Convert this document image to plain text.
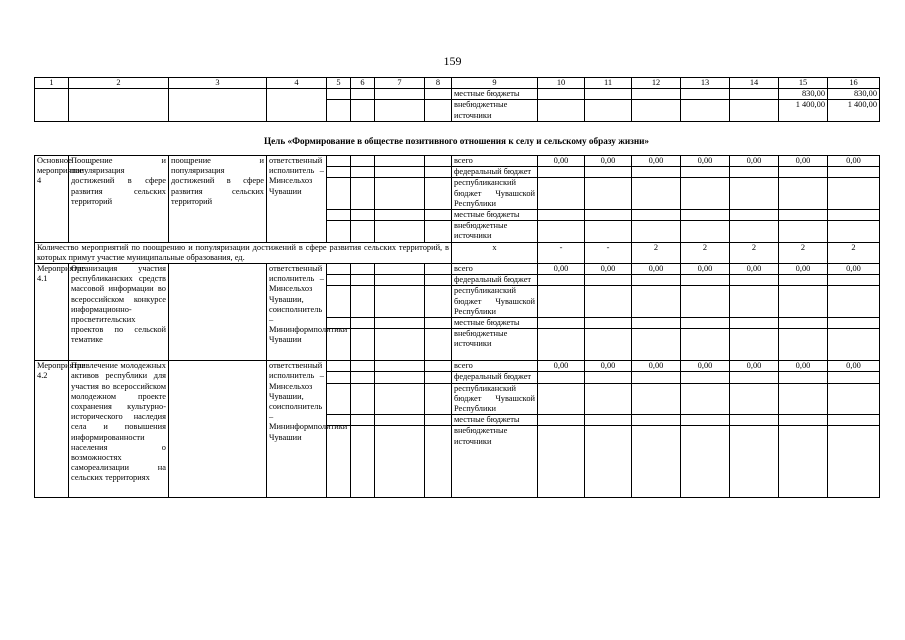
159
1	2	3	4	5	6	7	8	9	10	11	12	13	14	15	16
								местные бюджеты						830,00	830,00
								внебюджетные источники						1 400,00	1 400,00
Цель «Формирование в обществе позитивного отношения к селу и сельскому образу жизни»
Основное мероприятие 4	Поощрение и популяризация достижений в сфере развития сельских территорий	поощрение и популяризация достижений в сфере развития сельских территорий	ответственный исполнитель – Минсельхоз Чувашии					всего	0,00	0,00	0,00	0,00	0,00	0,00	0,00
								федеральный бюджет							
								республиканский бюджет Чувашской Республики							
								местные бюджеты							
								внебюджетные источники							
Количество мероприятий по поощрению и популяризации достижений в сфере развития сельских территорий, в которых примут участие муниципальные образования, ед.								x	-	-	2	2	2	2	2
Мероприятие 4.1	Организация участия республиканских средств массовой информации во всероссийском конкурсе информационно-просветительских проектов по сельской тематике		ответственный исполнитель – Минсельхоз Чувашии, соисполнитель – Мининформполитики Чувашии					всего	0,00	0,00	0,00	0,00	0,00	0,00	0,00
								федеральный бюджет							
								республиканский бюджет Чувашской Республики							
								местные бюджеты							
								внебюджетные источники							
Мероприятие 4.2	Привлечение молодежных активов республики для участия во всероссийском молодежном проекте сохранения культурно-исторического наследия села и повышения информированности населения о возможностях самореализации на сельских территориях		ответственный исполнитель – Минсельхоз Чувашии, соисполнитель – Мининформполитики Чувашии					всего	0,00	0,00	0,00	0,00	0,00	0,00	0,00
								федеральный бюджет							
								республиканский бюджет Чувашской Республики							
								местные бюджеты							
								внебюджетные источники							
